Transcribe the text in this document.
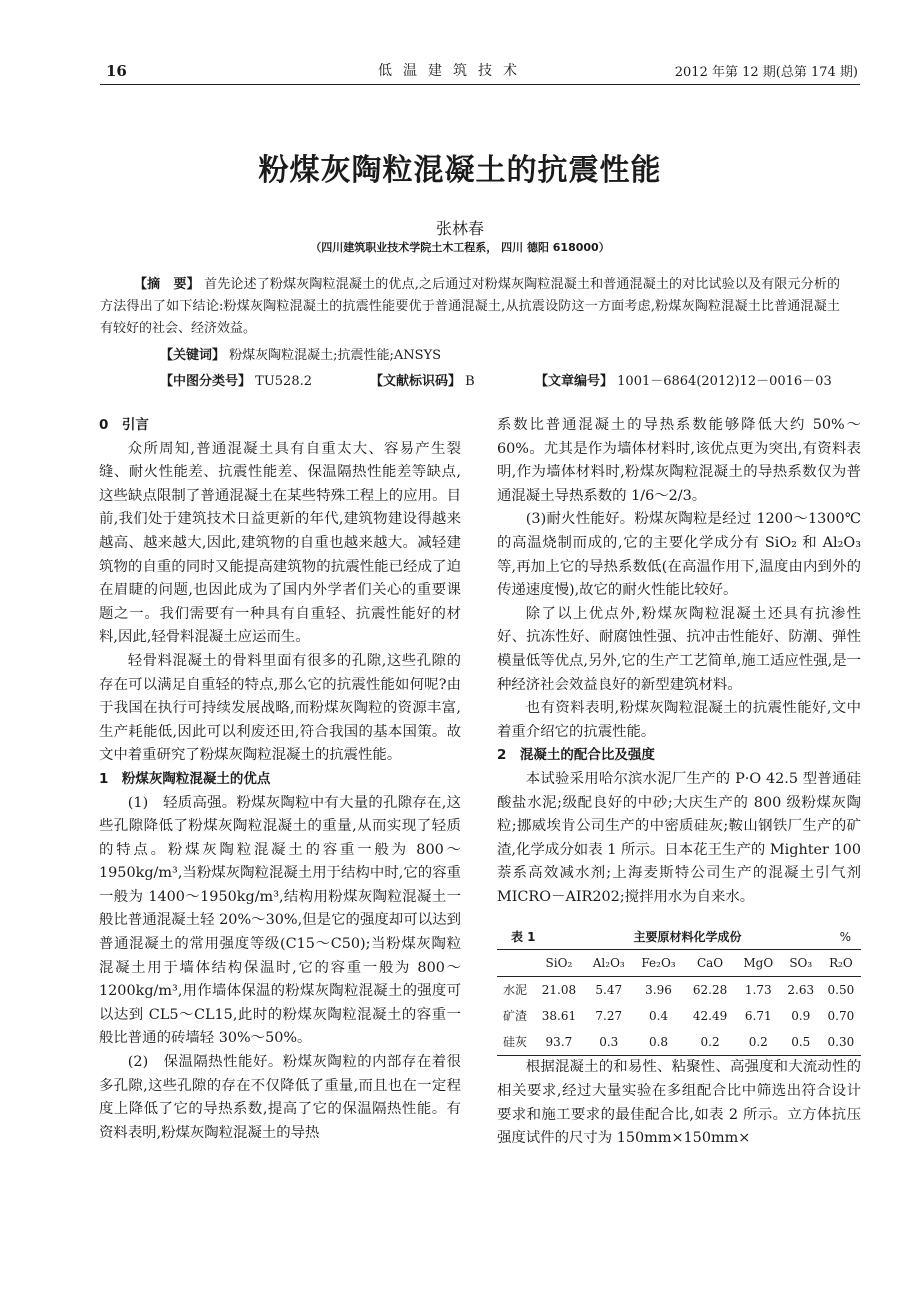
16	低温建筑技术	2012 年第 12 期(总第 174 期)
粉煤灰陶粒混凝土的抗震性能
张林春
（四川建筑职业技术学院土木工程系， 四川 德阳 618000）
【摘　要】 首先论述了粉煤灰陶粒混凝土的优点,之后通过对粉煤灰陶粒混凝土和普通混凝土的对比试验以及有限元分析的方法得出了如下结论:粉煤灰陶粒混凝土的抗震性能要优于普通混凝土,从抗震设防这一方面考虑,粉煤灰陶粒混凝土比普通混凝土有较好的社会、经济效益。
【关键词】 粉煤灰陶粒混凝土;抗震性能;ANSYS
【中图分类号】 TU528.2	【文献标识码】 B	【文章编号】 1001－6864(2012)12－0016－03

0　引言

众所周知,普通混凝土具有自重太大、容易产生裂缝、耐火性能差、抗震性能差、保温隔热性能差等缺点,这些缺点限制了普通混凝土在某些特殊工程上的应用。目前,我们处于建筑技术日益更新的年代,建筑物建设得越来越高、越来越大,因此,建筑物的自重也越来越大。减轻建筑物的自重的同时又能提高建筑物的抗震性能已经成了迫在眉睫的问题,也因此成为了国内外学者们关心的重要课题之一。我们需要有一种具有自重轻、抗震性能好的材料,因此,轻骨料混凝土应运而生。

轻骨料混凝土的骨料里面有很多的孔隙,这些孔隙的存在可以满足自重轻的特点,那么它的抗震性能如何呢?由于我国在执行可持续发展战略,而粉煤灰陶粒的资源丰富,生产耗能低,因此可以利废还田,符合我国的基本国策。故文中着重研究了粉煤灰陶粒混凝土的抗震性能。

1　粉煤灰陶粒混凝土的优点

(1)　轻质高强。粉煤灰陶粒中有大量的孔隙存在,这些孔隙降低了粉煤灰陶粒混凝土的重量,从而实现了轻质的特点。粉煤灰陶粒混凝土的容重一般为 800～1950kg/m³,当粉煤灰陶粒混凝土用于结构中时,它的容重一般为 1400～1950kg/m³,结构用粉煤灰陶粒混凝土一般比普通混凝土轻 20%～30%,但是它的强度却可以达到普通混凝土的常用强度等级(C15～C50);当粉煤灰陶粒混凝土用于墙体结构保温时,它的容重一般为 800～1200kg/m³,用作墙体保温的粉煤灰陶粒混凝土的强度可以达到 CL5～CL15,此时的粉煤灰陶粒混凝土的容重一般比普通的砖墙轻 30%～50%。

(2)　保温隔热性能好。粉煤灰陶粒的内部存在着很多孔隙,这些孔隙的存在不仅降低了重量,而且也在一定程度上降低了它的导热系数,提高了它的保温隔热性能。有资料表明,粉煤灰陶粒混凝土的导热

系数比普通混凝土的导热系数能够降低大约 50%～60%。尤其是作为墙体材料时,该优点更为突出,有资料表明,作为墙体材料时,粉煤灰陶粒混凝土的导热系数仅为普通混凝土导热系数的 1/6～2/3。

(3)耐火性能好。粉煤灰陶粒是经过 1200～1300℃的高温烧制而成的,它的主要化学成分有 SiO₂ 和 Al₂O₃ 等,再加上它的导热系数低(在高温作用下,温度由内到外的传递速度慢),故它的耐火性能比较好。

除了以上优点外,粉煤灰陶粒混凝土还具有抗渗性好、抗冻性好、耐腐蚀性强、抗冲击性能好、防潮、弹性模量低等优点,另外,它的生产工艺简单,施工适应性强,是一种经济社会效益良好的新型建筑材料。

也有资料表明,粉煤灰陶粒混凝土的抗震性能好,文中着重介绍它的抗震性能。

2　混凝土的配合比及强度

本试验采用哈尔滨水泥厂生产的 P·O 42.5 型普通硅酸盐水泥;级配良好的中砂;大庆生产的 800 级粉煤灰陶粒;挪威埃肯公司生产的中密质硅灰;鞍山钢铁厂生产的矿渣,化学成分如表 1 所示。日本花王生产的 Mighter 100 萘系高效减水剂;上海麦斯特公司生产的混凝土引气剂 MICRO－AIR202;搅拌用水为自来水。

表 1	主要原材料化学成份	%
	SiO₂	Al₂O₃	Fe₂O₃	CaO	MgO	SO₃	R₂O
水泥	21.08	5.47	3.96	62.28	1.73	2.63	0.50
矿渣	38.61	7.27	0.4	42.49	6.71	0.9	0.70
硅灰	93.7	0.3	0.8	0.2	0.2	0.5	0.30

根据混凝土的和易性、粘聚性、高强度和大流动性的相关要求,经过大量实验在多组配合比中筛选出符合设计要求和施工要求的最佳配合比,如表 2 所示。立方体抗压强度试件的尺寸为 150mm×150mm×
